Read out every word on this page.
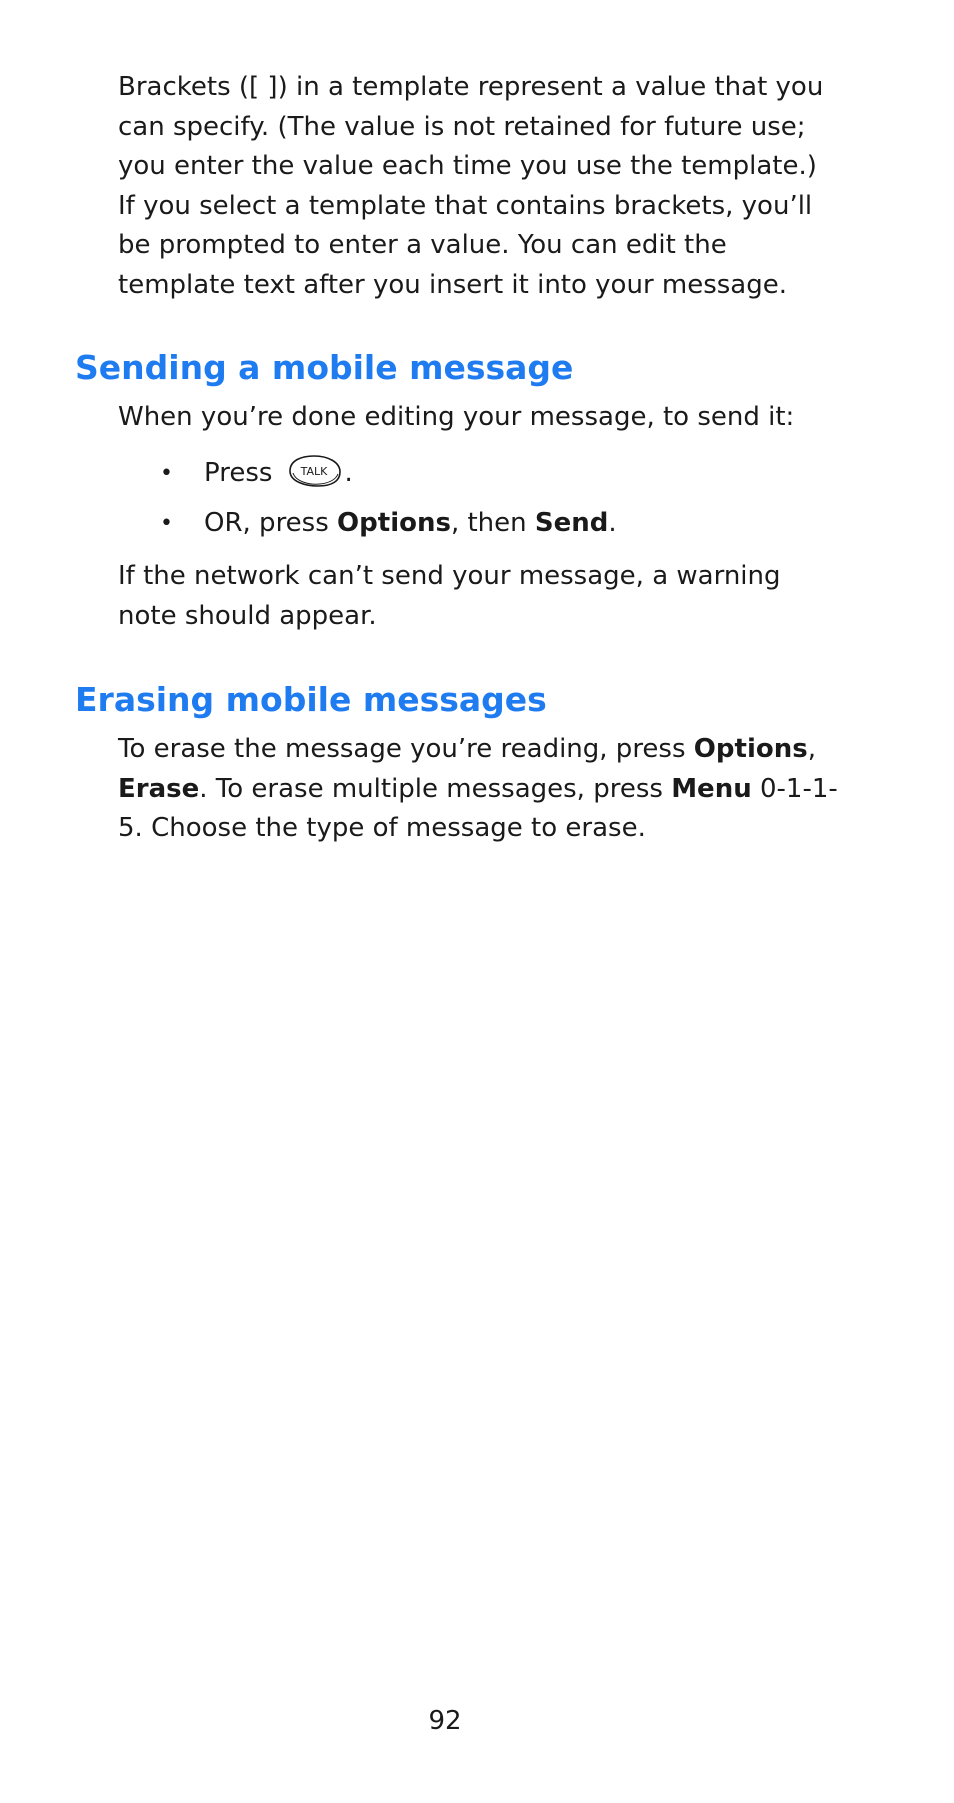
Brackets ([ ]) in a template represent a value that you can specify. (The value is not retained for future use; you enter the value each time you use the template.) If you select a template that contains brackets, you’ll be prompted to enter a value. You can edit the template text after you insert it into your message.

Sending a mobile message

When you’re done editing your message, to send it:

•	Press	TALK .
•	OR, press Options , then Send .

If the network can’t send your message, a warning note should appear.

Erasing mobile messages

To erase the message you’re reading, press Options, Erase. To erase multiple messages, press Menu 0-1-1-5. Choose the type of message to erase.

92
